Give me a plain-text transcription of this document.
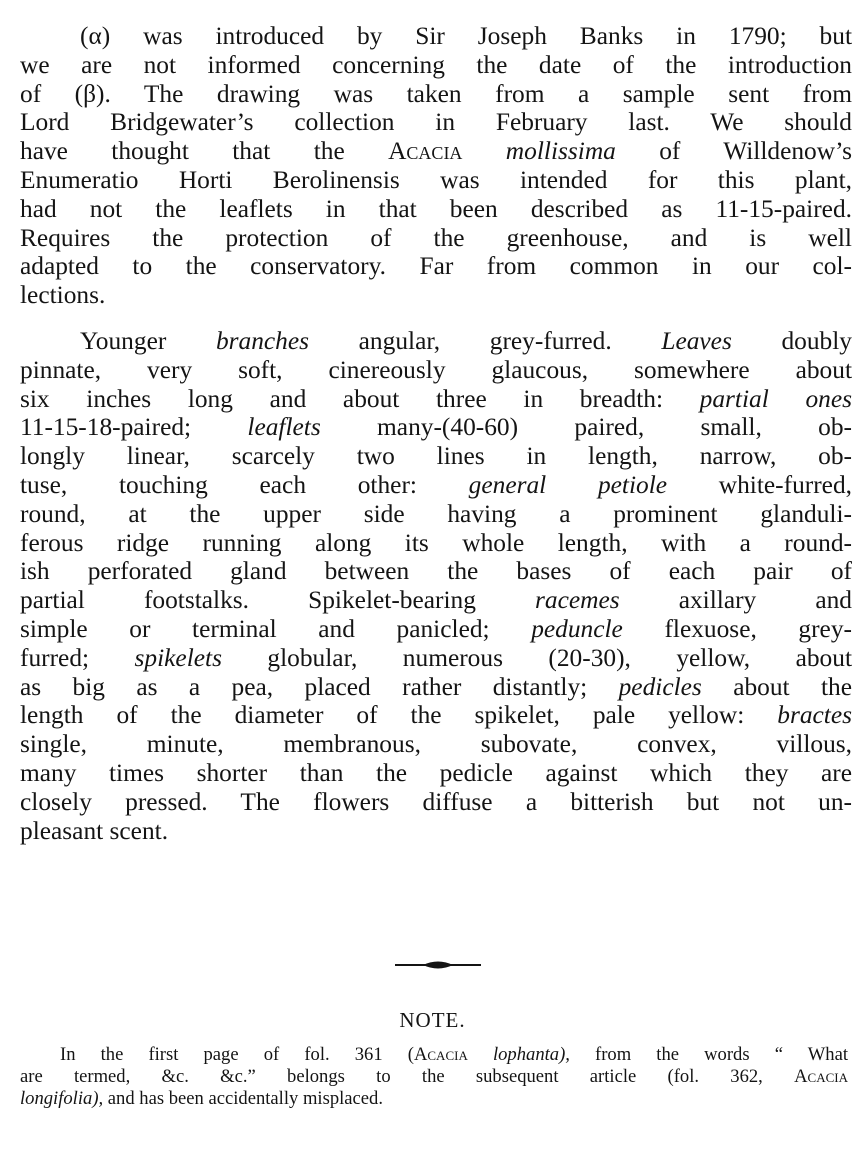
(α) was introduced by Sir Joseph Banks in 1790; but
we are not informed concerning the date of the introduction
of (β). The drawing was taken from a sample sent from
Lord Bridgewater’s collection in February last. We should
have thought that the Acacia mollissima of Willdenow’s
Enumeratio Horti Berolinensis was intended for this plant,
had not the leaflets in that been described as 11-15-paired.
Requires the protection of the greenhouse, and is well
adapted to the conservatory. Far from common in our col-
lections.

Younger branches angular, grey-furred. Leaves doubly
pinnate, very soft, cinereously glaucous, somewhere about
six inches long and about three in breadth: partial ones
11-15-18-paired; leaflets many-(40-60) paired, small, ob-
longly linear, scarcely two lines in length, narrow, ob-
tuse, touching each other: general petiole white-furred,
round, at the upper side having a prominent glanduli-
ferous ridge running along its whole length, with a round-
ish perforated gland between the bases of each pair of
partial footstalks. Spikelet-bearing racemes axillary and
simple or terminal and panicled; peduncle flexuose, grey-
furred; spikelets globular, numerous (20-30), yellow, about
as big as a pea, placed rather distantly; pedicles about the
length of the diameter of the spikelet, pale yellow: bractes
single, minute, membranous, subovate, convex, villous,
many times shorter than the pedicle against which they are
closely pressed. The flowers diffuse a bitterish but not un-
pleasant scent.

NOTE.
In the first page of fol. 361 (Acacia lophanta), from the words “ What
are termed, &c. &c.” belongs to the subsequent article (fol. 362, Acacia
longifolia), and has been accidentally misplaced.
